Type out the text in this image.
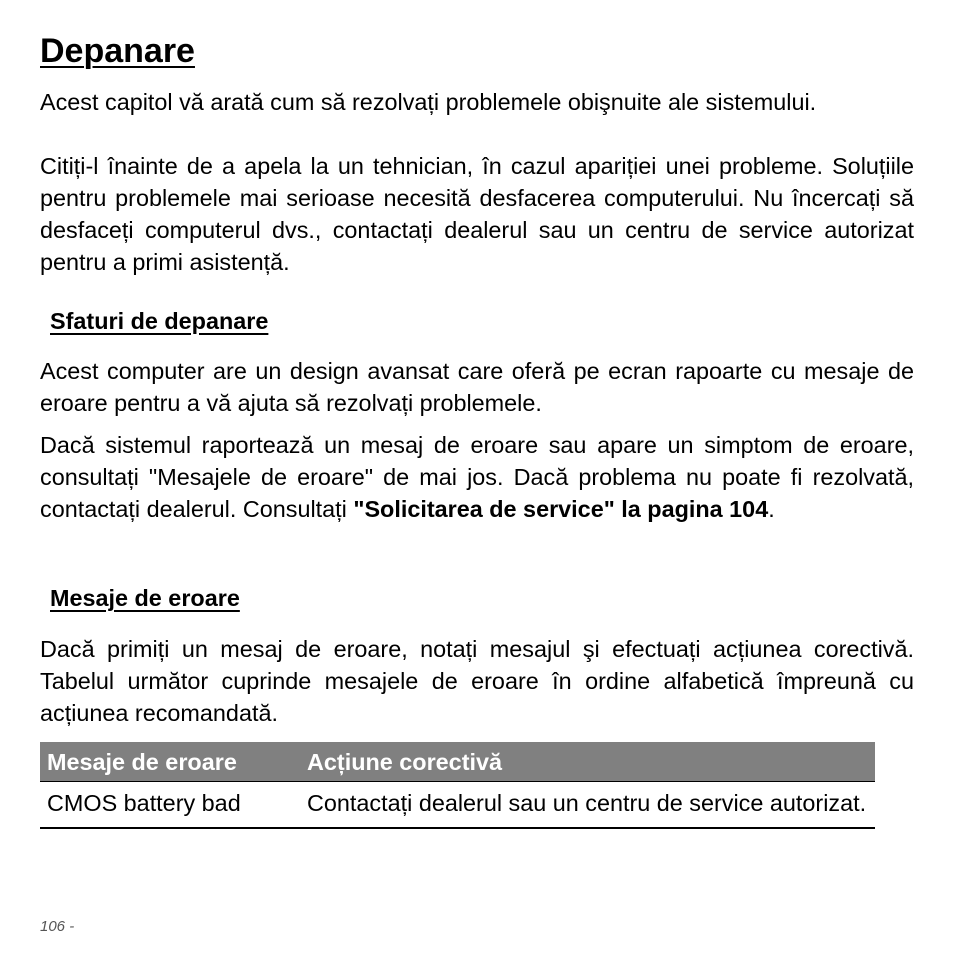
Depanare

Acest capitol vă arată cum să rezolvați problemele obişnuite ale sistemului.

Citiți-l înainte de a apela la un tehnician, în cazul apariției unei probleme. Soluțiile pentru problemele mai serioase necesită desfacerea computerului. Nu încercați să desfaceți computerul dvs., contactați dealerul sau un centru de service autorizat pentru a primi asistență.

Sfaturi de depanare

Acest computer are un design avansat care oferă pe ecran rapoarte cu mesaje de eroare pentru a vă ajuta să rezolvați problemele.

Dacă sistemul raportează un mesaj de eroare sau apare un simptom de eroare, consultați "Mesajele de eroare" de mai jos. Dacă problema nu poate fi rezolvată, contactați dealerul. Consultați "Solicitarea de service" la pagina 104.

Mesaje de eroare

Dacă primiți un mesaj de eroare, notați mesajul şi efectuați acțiunea corectivă. Tabelul următor cuprinde mesajele de eroare în ordine alfabetică împreună cu acțiunea recomandată.

Mesaje de eroare	Acțiune corectivă
CMOS battery bad	Contactați dealerul sau un centru de service autorizat.
106 -
